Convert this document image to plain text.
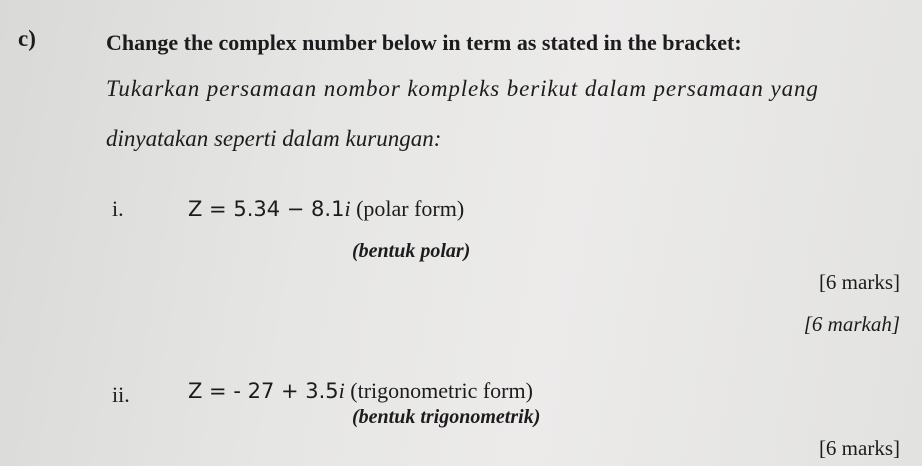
c)	Change the complex number below in term as stated in the bracket:
Tukarkan persamaan nombor kompleks berikut dalam persamaan yang
dinyatakan seperti dalam kurungan:
i.	Z = 5.34 − 8.1i (polar form)
(bentuk polar)
[6 marks]
[6 markah]
ii.	Z = - 27 + 3.5i (trigonometric form)
(bentuk trigonometrik)
[6 marks]
